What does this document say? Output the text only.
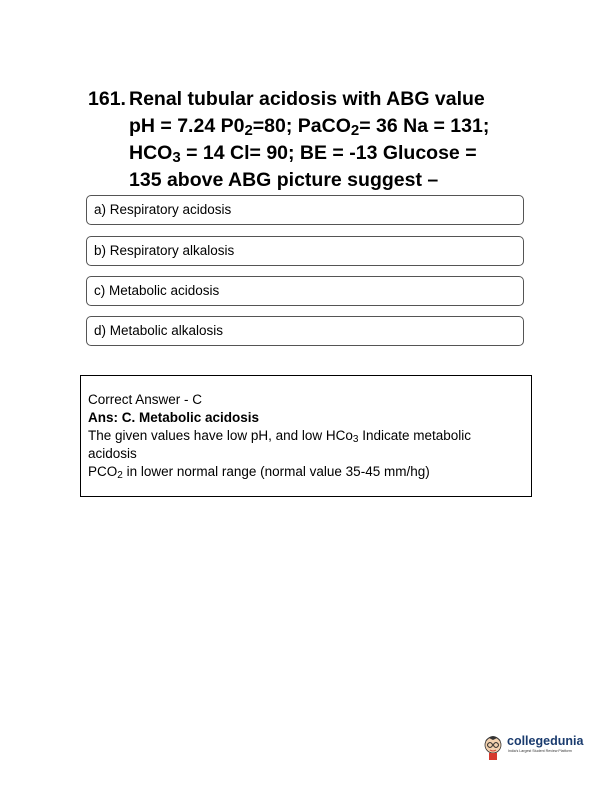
161. Renal tubular acidosis with ABG value
pH = 7.24 $P0_2=80$; PaCO$_2$= 36 Na = 131;
$HCO_3 = 14$ Cl= 90; BE = -13 Glucose =
135 above ABG picture suggest –
a) Respiratory acidosis
b) Respiratory alkalosis
c) Metabolic acidosis
d) Metabolic alkalosis
Correct Answer - C
Ans: C. Metabolic acidosis
The given values have low pH, and low HCo$_3$ Indicate metabolic acidosis
$PCO_2$ in lower normal range (normal value 35-45 mm/hg)
collegedunia
India's Largest Student Review Platform
